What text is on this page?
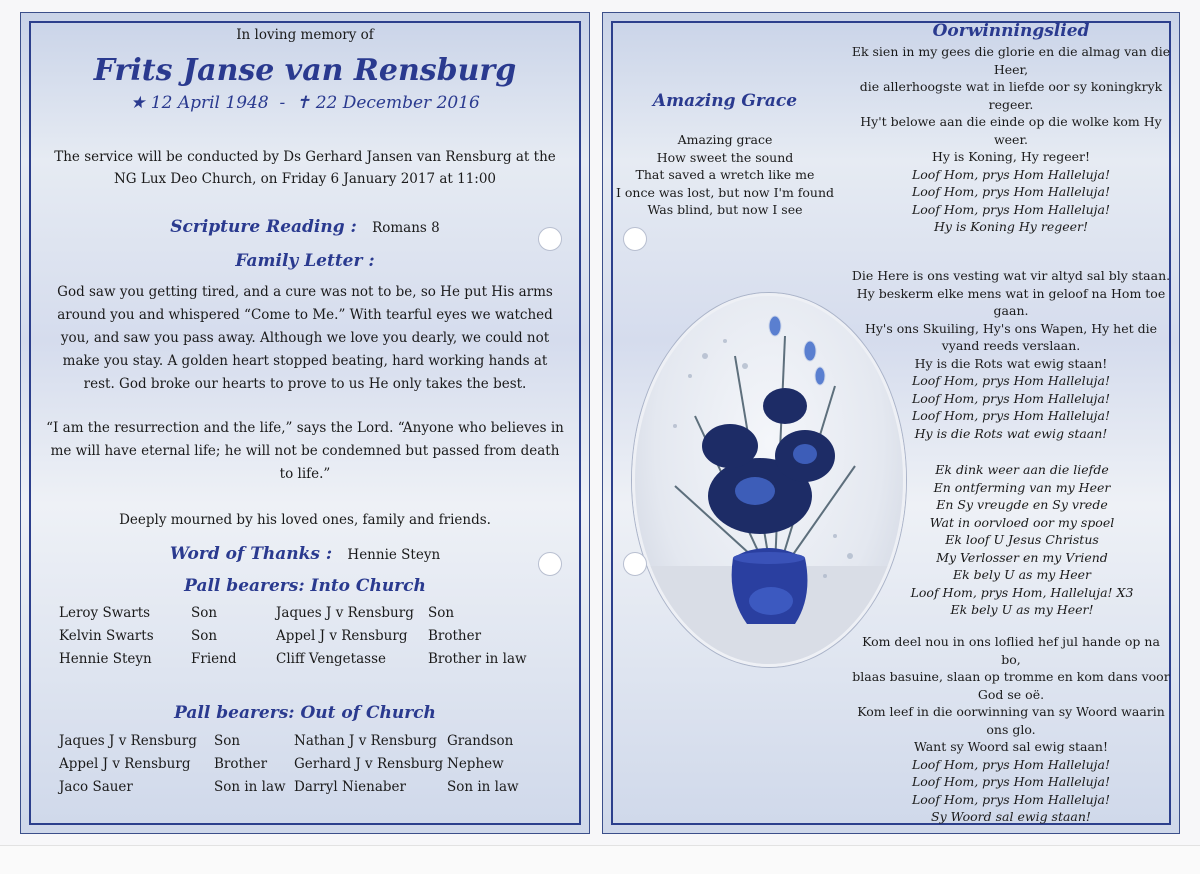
In loving memory of
Frits Janse van Rensburg
★ 12 April 1948  -  ✝ 22 December 2016
The service will be conducted by Ds Gerhard Jansen van Rensburg at the
NG Lux Deo Church, on Friday 6 January 2017 at 11:00
Scripture Reading : Romans 8
Family Letter :
God saw you getting tired, and a cure was not to be, so He put His arms
around you and whispered “Come to Me.” With tearful eyes we watched
you, and saw you pass away. Although we love you dearly, we could not
make you stay. A golden heart stopped beating, hard working hands at
rest. God broke our hearts to prove to us He only takes the best.
“I am the resurrection and the life,” says the Lord. “Anyone who believes in
me will have eternal life; he will not be condemned but passed from death
to life.”
Deeply mourned by his loved ones, family and friends.
Word of Thanks : Hennie Steyn
Pall bearers: Into Church
Leroy Swarts	Son	Jaques J v Rensburg	Son
Kelvin Swarts	Son	Appel J v Rensburg	Brother
Hennie Steyn	Friend	Cliff Vengetasse	Brother in law
Pall bearers: Out of Church
Jaques J v Rensburg	Son	Nathan J v Rensburg	Grandson
Appel J v Rensburg	Brother	Gerhard J v Rensburg	Nephew
Jaco Sauer	Son in law	Darryl Nienaber	Son in law
Amazing Grace
Amazing grace
How sweet the sound
That saved a wretch like me
I once was lost, but now I'm found
Was blind, but now I see
Oorwinningslied
Ek sien in my gees die glorie en die almag van die
Heer,
die allerhoogste wat in liefde oor sy koningkryk
regeer.
Hy't belowe aan die einde op die wolke kom Hy
weer.
Hy is Koning, Hy regeer!
Loof Hom, prys Hom Halleluja!
Loof Hom, prys Hom Halleluja!
Loof Hom, prys Hom Halleluja!
Hy is Koning Hy regeer!
Die Here is ons vesting wat vir altyd sal bly staan.
Hy beskerm elke mens wat in geloof na Hom toe
gaan.
Hy's ons Skuiling, Hy's ons Wapen, Hy het die
vyand reeds verslaan.
Hy is die Rots wat ewig staan!
Loof Hom, prys Hom Halleluja!
Loof Hom, prys Hom Halleluja!
Loof Hom, prys Hom Halleluja!
Hy is die Rots wat ewig staan!
Ek dink weer aan die liefde
En ontferming van my Heer
En Sy vreugde en Sy vrede
Wat in oorvloed oor my spoel
Ek loof U Jesus Christus
My Verlosser en my Vriend
Ek bely U as my Heer
Loof Hom, prys Hom, Halleluja! X3
Ek bely U as my Heer!
Kom deel nou in ons loflied hef jul hande op na bo,
blaas basuine, slaan op tromme en kom dans voor
God se oë.
Kom leef in die oorwinning van sy Woord waarin
ons glo.
Want sy Woord sal ewig staan!
Loof Hom, prys Hom Halleluja!
Loof Hom, prys Hom Halleluja!
Loof Hom, prys Hom Halleluja!
Sy Woord sal ewig staan!
